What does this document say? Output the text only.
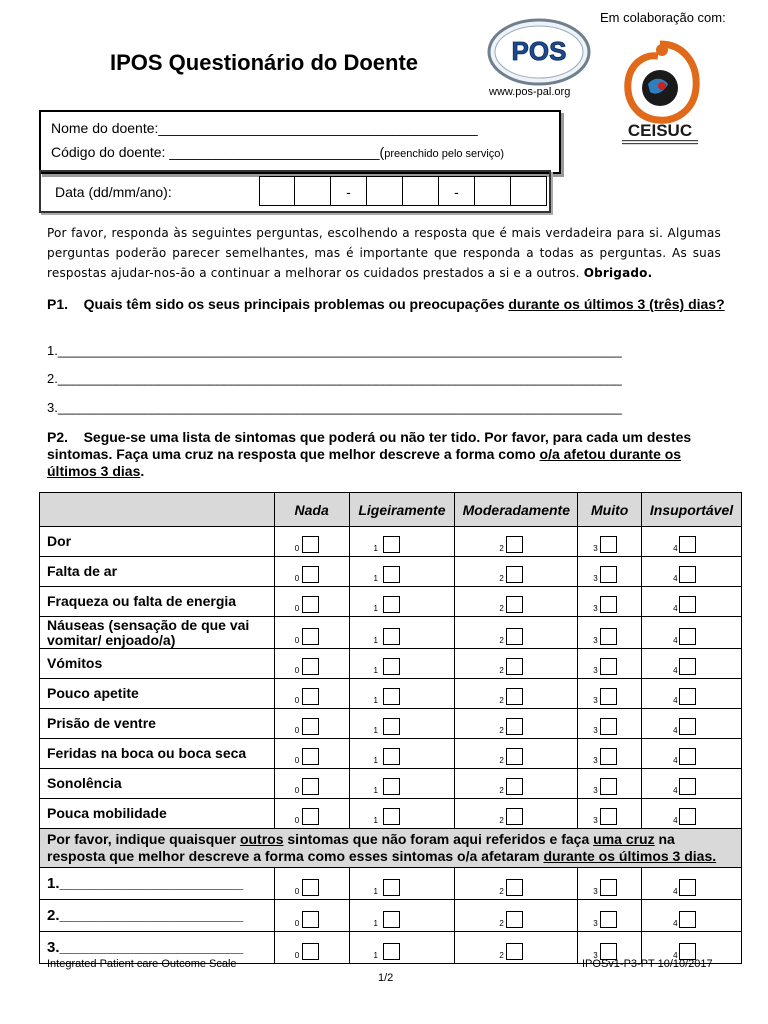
IPOS Questionário do Doente	POS
www.pos-pal.org
Em colaboração com:
CEISUC
Nome do doente:_________________________________________
Código do doente: ___________________________(preenchido pelo serviço)
Data (dd/mm/ano):	-	-
Por favor, responda às seguintes perguntas, escolhendo a resposta que é mais verdadeira para si. Algumas perguntas poderão parecer semelhantes, mas é importante que responda a todas as perguntas. As suas respostas ajudar-nos-ão a continuar a melhorar os cuidados prestados a si e a outros. Obrigado.
P1. Quais têm sido os seus principais problemas ou preocupações durante os últimos 3 (três) dias?
1.______________________________________________________________________________
2.______________________________________________________________________________
3.______________________________________________________________________________
P2. Segue-se uma lista de sintomas que poderá ou não ter tido. Por favor, para cada um destes sintomas. Faça uma cruz na resposta que melhor descreve a forma como o/a afetou durante os últimos 3 dias.
	Nada	Ligeiramente	Moderadamente	Muito	Insuportável
Dor	0	1	2	3	4

Falta de ar	0	1	2	3	4

Fraqueza ou falta de energia	0	1	2	3	4

Náuseas (sensação de que vai vomitar/ enjoado/a)	0	1	2	3	4

Vómitos	0	1	2	3	4

Pouco apetite	0	1	2	3	4

Prisão de ventre	0	1	2	3	4

Feridas na boca ou boca seca	0	1	2	3	4

Sonolência	0	1	2	3	4

Pouca mobilidade	0	1	2	3	4

Por favor, indique quaisquer outros sintomas que não foram aqui referidos e faça uma cruz na resposta que melhor descreve a forma como esses sintomas o/a afetaram durante os últimos 3 dias.					
1.______________________	0	1	2	3	4

2.______________________	0	1	2	3	4

3.______________________	0	1	2	3	4
Integrated Patient care Outcome Scale	IPOSv1-P3-PT 10/10/2017
1/2
